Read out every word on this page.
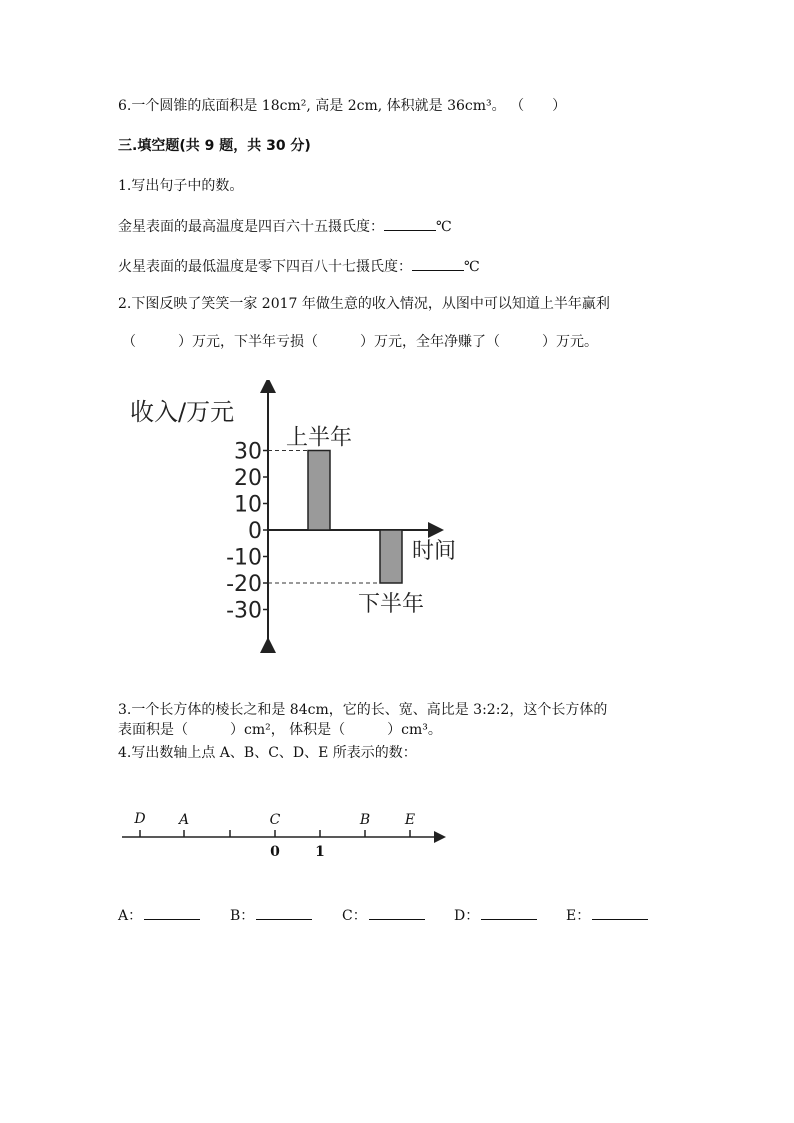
6.一个圆锥的底面积是 18cm², 高是 2cm, 体积就是 36cm³。 （　　）
三.填空题(共 9 题，共 30 分)
1.写出句子中的数。
金星表面的最高温度是四百六十五摄氏度：	℃
火星表面的最低温度是零下四百八十七摄氏度：	℃
2.下图反映了笑笑一家 2017 年做生意的收入情况，从图中可以知道上半年赢利
（　　　）万元，下半年亏损（　　　）万元，全年净赚了（　　　）万元。
收入/万元
时间
30
20
10
0
-10
-20
-30
上半年
下半年
0	1
D A	C	B E
3.一个长方体的棱长之和是 84cm，它的长、宽、高比是 3:2:2，这个长方体的
表面积是（　　　）cm²， 体积是（　　　）cm³。
4.写出数轴上点 A、B、C、D、E 所表示的数：
A：	B：	C：	D：	E：
